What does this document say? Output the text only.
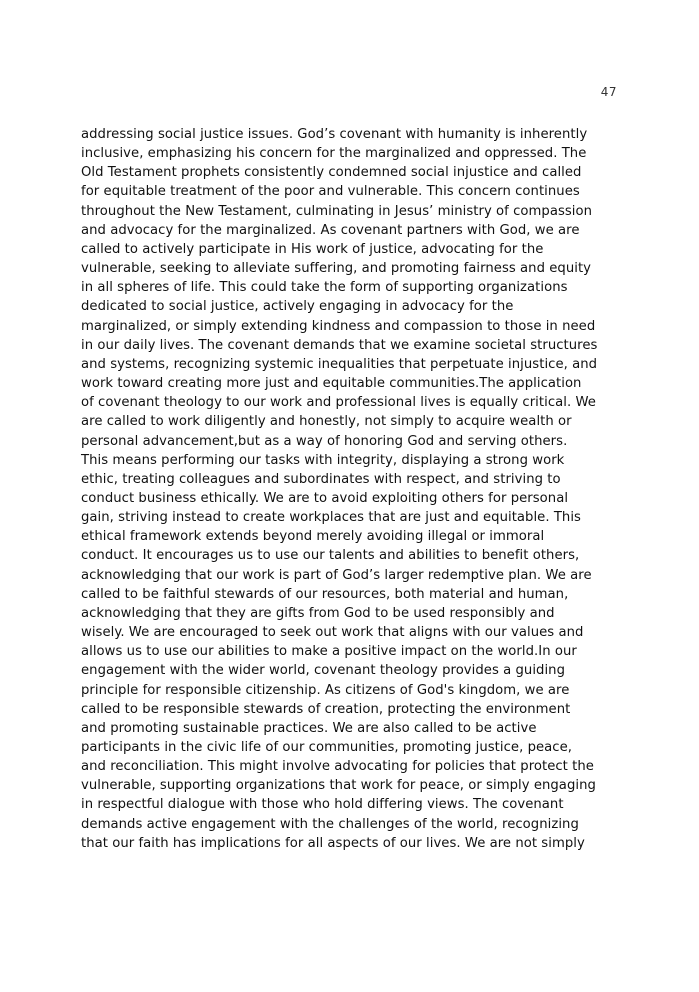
47
addressing social justice issues. God’s covenant with humanity is inherently
inclusive, emphasizing his concern for the marginalized and oppressed. The
Old Testament prophets consistently condemned social injustice and called
for equitable treatment of the poor and vulnerable. This concern continues
throughout the New Testament, culminating in Jesus’ ministry of compassion
and advocacy for the marginalized. As covenant partners with God, we are
called to actively participate in His work of justice, advocating for the
vulnerable, seeking to alleviate suffering, and promoting fairness and equity
in all spheres of life. This could take the form of supporting organizations
dedicated to social justice, actively engaging in advocacy for the
marginalized, or simply extending kindness and compassion to those in need
in our daily lives. The covenant demands that we examine societal structures
and systems, recognizing systemic inequalities that perpetuate injustice, and
work toward creating more just and equitable communities.The application
of covenant theology to our work and professional lives is equally critical. We
are called to work diligently and honestly, not simply to acquire wealth or
personal advancement,but as a way of honoring God and serving others.
This means performing our tasks with integrity, displaying a strong work
ethic, treating colleagues and subordinates with respect, and striving to
conduct business ethically. We are to avoid exploiting others for personal
gain, striving instead to create workplaces that are just and equitable. This
ethical framework extends beyond merely avoiding illegal or immoral
conduct. It encourages us to use our talents and abilities to benefit others,
acknowledging that our work is part of God’s larger redemptive plan. We are
called to be faithful stewards of our resources, both material and human,
acknowledging that they are gifts from God to be used responsibly and
wisely. We are encouraged to seek out work that aligns with our values and
allows us to use our abilities to make a positive impact on the world.In our
engagement with the wider world, covenant theology provides a guiding
principle for responsible citizenship. As citizens of God's kingdom, we are
called to be responsible stewards of creation, protecting the environment
and promoting sustainable practices. We are also called to be active
participants in the civic life of our communities, promoting justice, peace,
and reconciliation. This might involve advocating for policies that protect the
vulnerable, supporting organizations that work for peace, or simply engaging
in respectful dialogue with those who hold differing views. The covenant
demands active engagement with the challenges of the world, recognizing
that our faith has implications for all aspects of our lives. We are not simply
